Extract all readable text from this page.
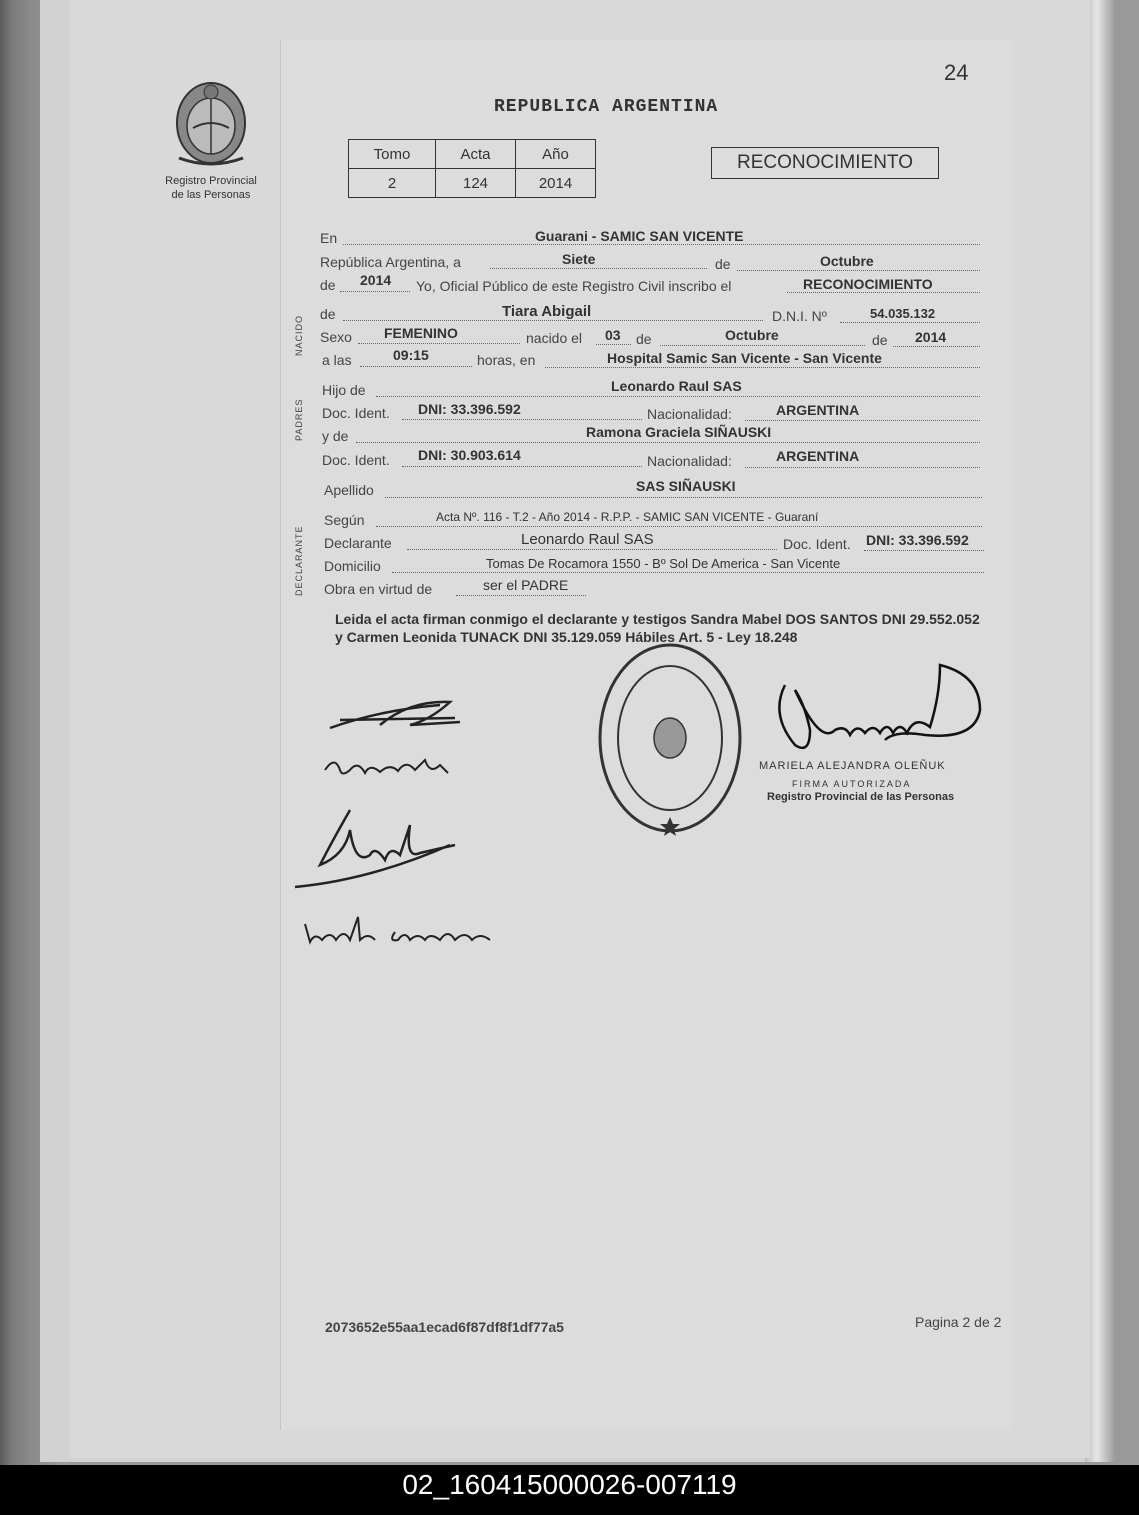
24
REPUBLICA ARGENTINA
Registro Provincial
de las Personas
Tomo	Acta	Año
2	124	2014
RECONOCIMIENTO
NACIDO
PADRES
DECLARANTE
En	Guarani - SAMIC SAN VICENTE
República Argentina, a	Siete	de	Octubre
de 2014 Yo, Oficial Público de este Registro Civil inscribo el	RECONOCIMIENTO
de	Tiara Abigail	D.N.I. Nº	54.035.132
Sexo FEMENINO	nacido el 03 de	Octubre	de 2014
a las	09:15	horas, en	Hospital Samic San Vicente - San Vicente
Hijo de	Leonardo Raul SAS
Doc. Ident. DNI: 33.396.592	Nacionalidad:	ARGENTINA
y de	Ramona Graciela SIÑAUSKI
Doc. Ident. DNI: 30.903.614	Nacionalidad:	ARGENTINA
Apellido	SAS SIÑAUSKI
Según	Acta Nº. 116 - T.2 - Año 2014 - R.P.P. - SAMIC SAN VICENTE - Guaraní
Declarante	Leonardo Raul SAS	Doc. Ident. DNI: 33.396.592
Domicilio	Tomas De Rocamora 1550 - Bº Sol De America - San Vicente
Obra en virtud de	ser el PADRE
Leida el acta firman conmigo el declarante y testigos Sandra Mabel DOS SANTOS DNI 29.552.052 y Carmen Leonida TUNACK DNI 35.129.059 Hábiles Art. 5 - Ley 18.248
MARIELA ALEJANDRA OLEÑUK
FIRMA AUTORIZADA
Registro Provincial de las Personas
2073652e55aa1ecad6f87df8f1df77a5	Pagina 2 de 2
02_160415000026-007119
